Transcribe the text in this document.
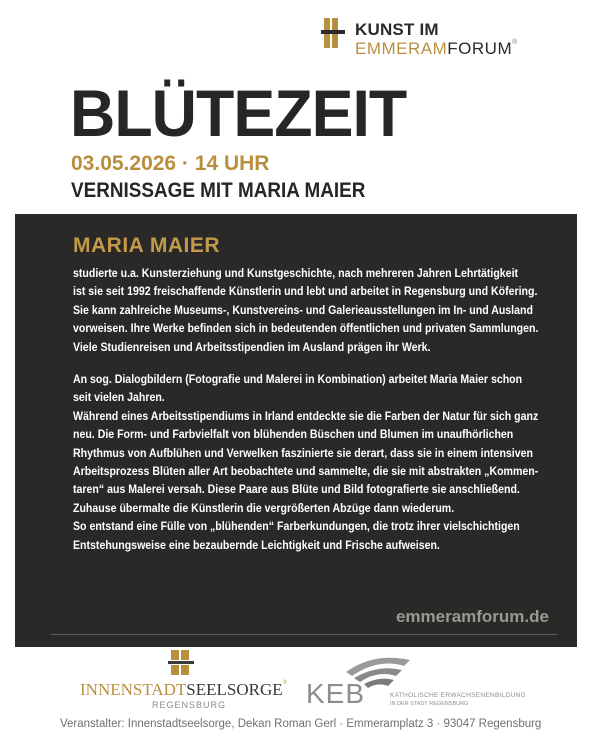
KUNST IM
EMMERAMFORUM®
BLÜTEZEIT
03.05.2026 · 14 UHR
VERNISSAGE MIT MARIA MAIER
MARIA MAIER

studierte u.a. Kunsterziehung und Kunstgeschichte, nach mehreren Jahren Lehrtätigkeit

ist sie seit 1992 freischaffende Künstlerin und lebt und arbeitet in Regensburg und Köfering.

Sie kann zahlreiche Museums-, Kunstvereins- und Galerieausstellungen im In- und Ausland

vorweisen. Ihre Werke befinden sich in bedeutenden öffentlichen und privaten Sammlungen.

Viele Studienreisen und Arbeitsstipendien im Ausland prägen ihr Werk.

An sog. Dialogbildern (Fotografie und Malerei in Kombination) arbeitet Maria Maier schon

seit vielen Jahren.

Während eines Arbeitsstipendiums in Irland entdeckte sie die Farben der Natur für sich ganz

neu. Die Form- und Farbvielfalt von blühenden Büschen und Blumen im unaufhörlichen

Rhythmus von Aufblühen und Verwelken faszinierte sie derart, dass sie in einem intensiven

Arbeitsprozess Blüten aller Art beobachtete und sammelte, die sie mit abstrakten „Kommen-

taren“ aus Malerei versah. Diese Paare aus Blüte und Bild fotografierte sie anschließend.

Zuhause übermalte die Künstlerin die vergrößerten Abzüge dann wiederum.

So entstand eine Fülle von „blühenden“ Farberkundungen, die trotz ihrer vielschichtigen

Entstehungsweise eine bezaubernde Leichtigkeit und Frische aufweisen.

emmeramforum.de
INNENSTADTSEELSORGE®
REGENSBURG	KEB	KATHOLISCHE ERWACHSENENBILDUNG
IN DER STADT REGENSBURG
Veranstalter: Innenstadtseelsorge, Dekan Roman Gerl · Emmeramplatz 3 · 93047 Regensburg
